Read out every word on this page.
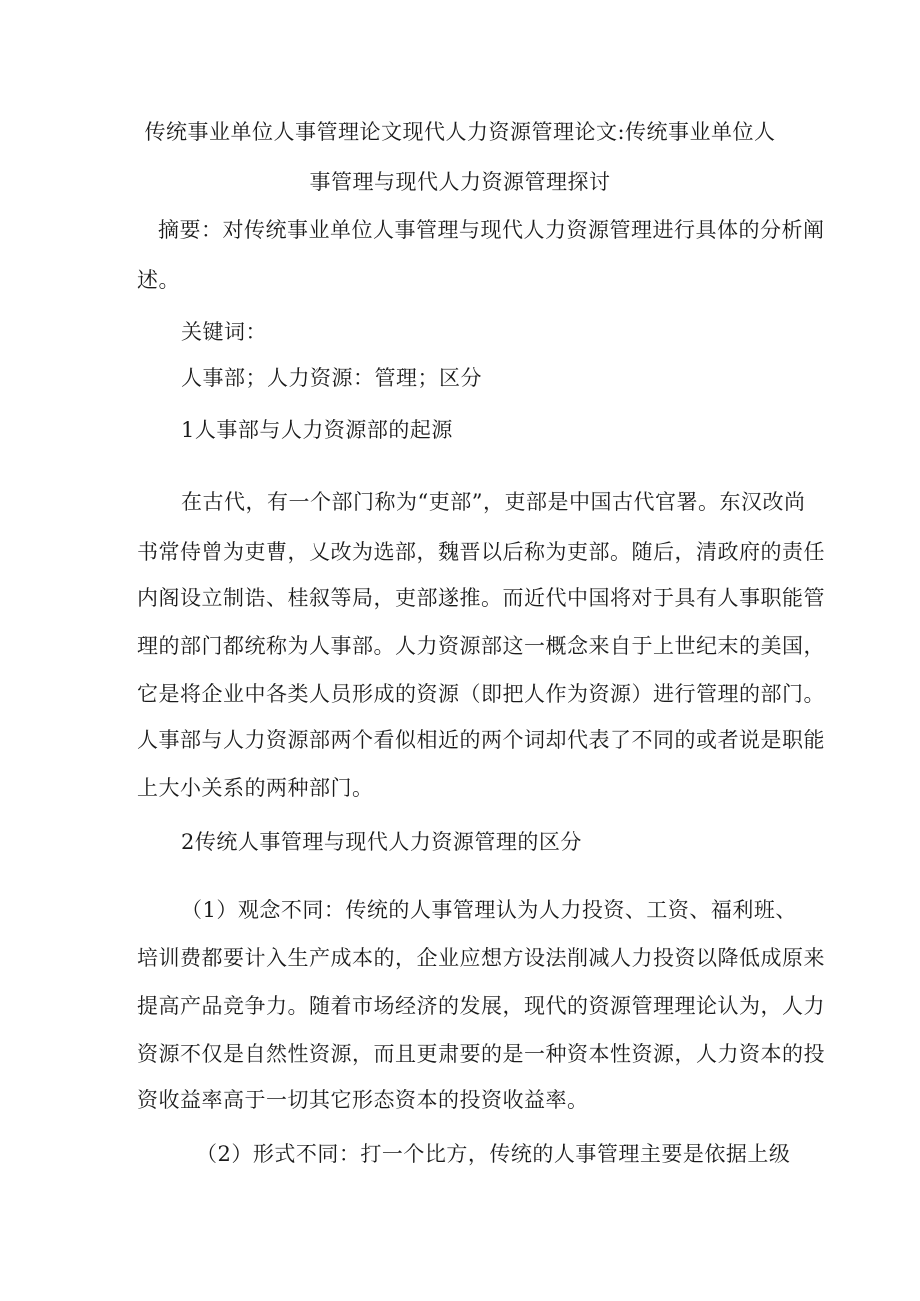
传统事业单位人事管理论文现代人力资源管理论文:传统事业单位人
事管理与现代人力资源管理探讨
摘要：对传统事业单位人事管理与现代人力资源管理进行具体的分析阐
述。
关键词：
人事部；人力资源：管理；区分
1人事部与人力资源部的起源
在古代，有一个部门称为“吏部”，吏部是中国古代官署。东汉改尚
书常侍曾为吏曹，乂改为选部，魏晋以后称为吏部。随后，清政府的责任
内阁设立制诰、桂叙等局，吏部遂推。而近代中国将对于具有人事职能管
理的部门都统称为人事部。人力资源部这一概念来自于上世纪末的美国，
它是将企业中各类人员形成的资源（即把人作为资源）进行管理的部门。
人事部与人力资源部两个看似相近的两个词却代表了不同的或者说是职能
上大小关系的两种部门。
2传统人事管理与现代人力资源管理的区分
（1）观念不同：传统的人事管理认为人力投资、工资、福利班、
培训费都要计入生产成本的，企业应想方设法削减人力投资以降低成原来
提高产品竞争力。随着市场经济的发展，现代的资源管理理论认为，人力
资源不仅是自然性资源，而且更肃要的是一种资本性资源，人力资本的投
资收益率高于一切其它形态资本的投资收益率。
（2）形式不同：打一个比方，传统的人事管理主要是依据上级
